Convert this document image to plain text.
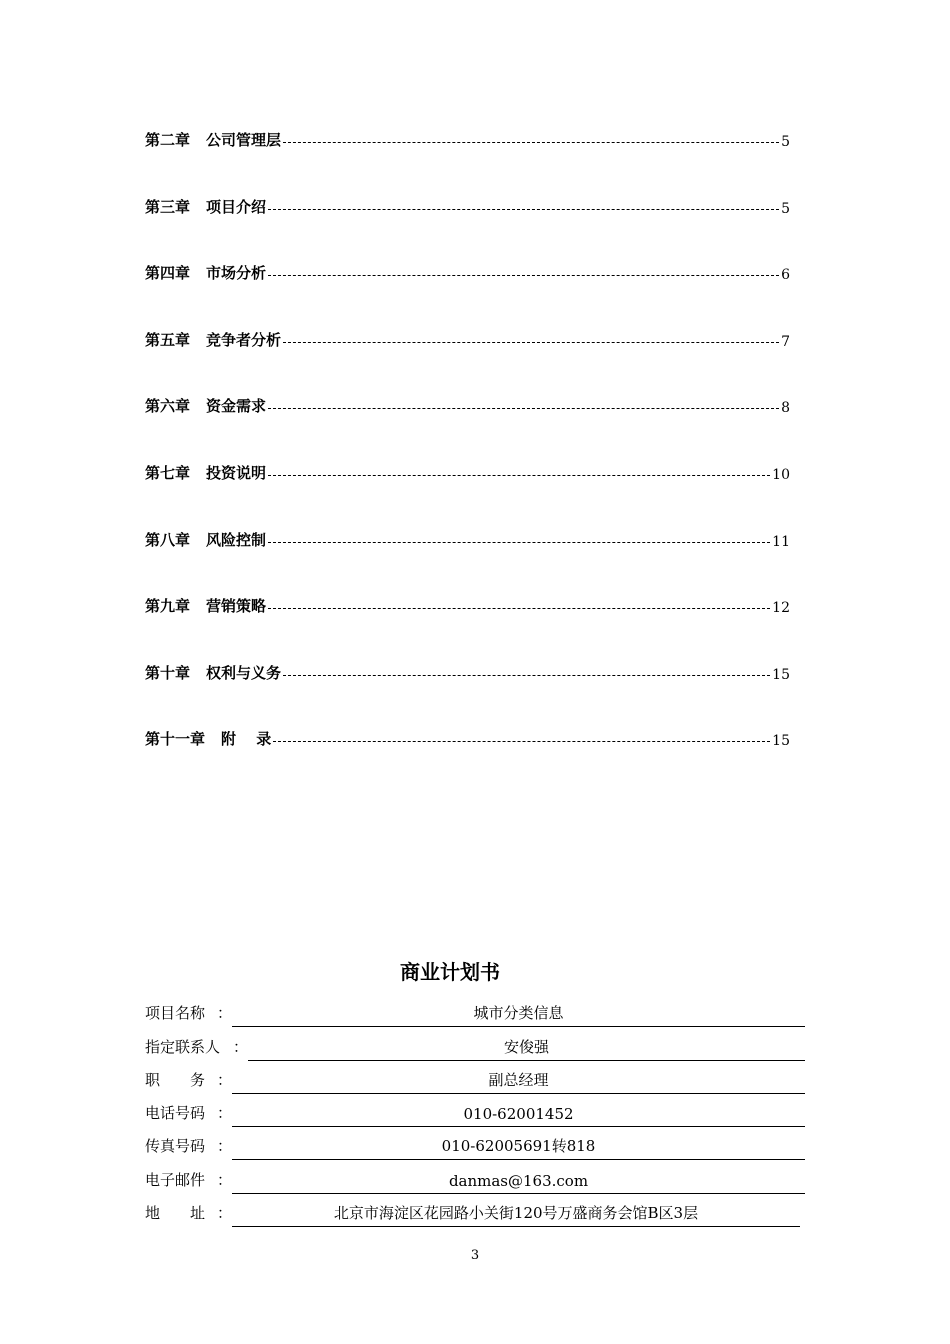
第二章 公司管理层	5
第三章 项目介绍	5
第四章 市场分析	6
第五章 竞争者分析	7
第六章 资金需求	8
第七章 投资说明	10
第八章 风险控制	11
第九章 营销策略	12
第十章 权利与义务	15
第十一章 附　 录	15
商业计划书
项目名称 ：	城市分类信息
指定联系人 ：	安俊强
职　　务 ：	副总经理
电话号码 ：	010-62001452
传真号码 ：	010-62005691转818
电子邮件 ：	danmas@163.com
地　　址 ：	北京市海淀区花园路小关街120号万盛商务会馆B区3层
3
